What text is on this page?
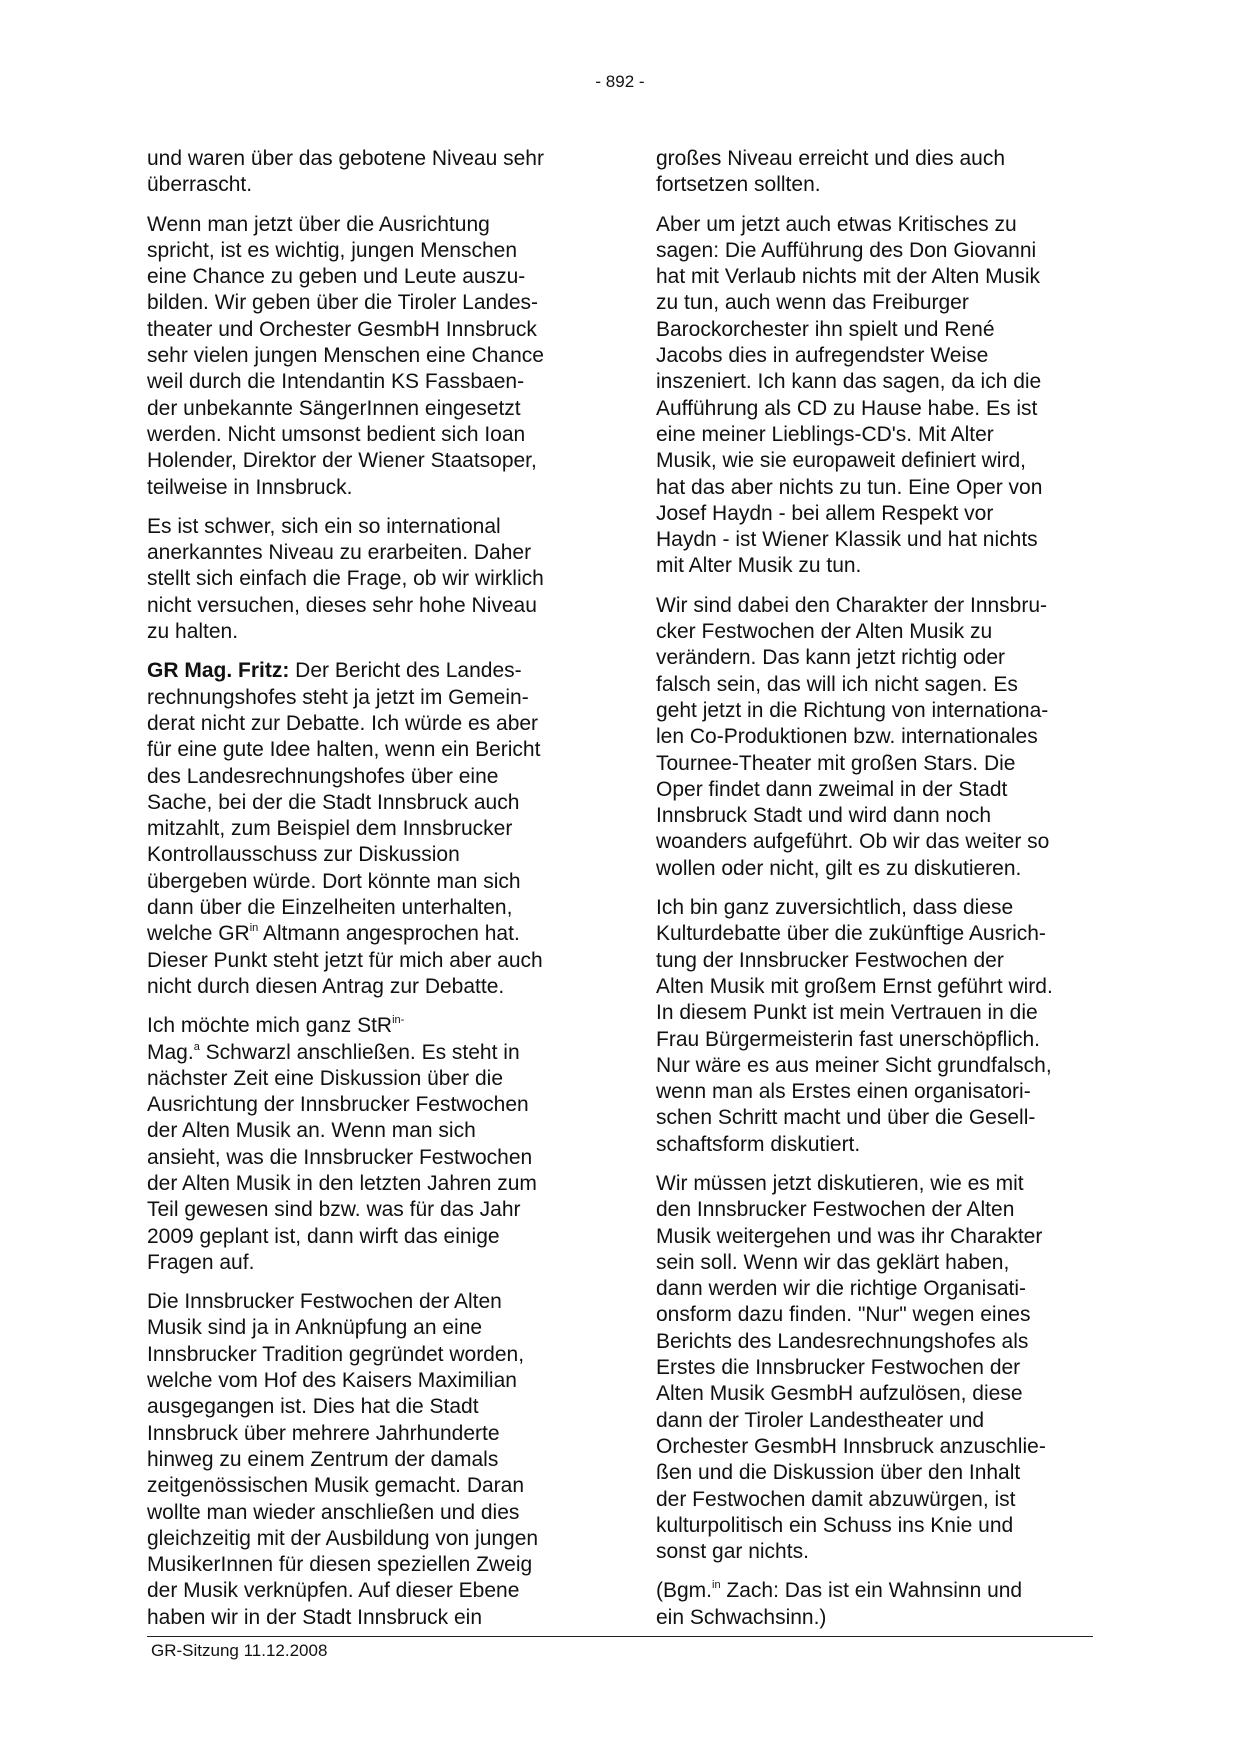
- 892 -

und waren über das gebotene Niveau sehr
überrascht.

Wenn man jetzt über die Ausrichtung
spricht, ist es wichtig, jungen Menschen
eine Chance zu geben und Leute auszu-
bilden. Wir geben über die Tiroler Landes-
theater und Orchester GesmbH Innsbruck
sehr vielen jungen Menschen eine Chance
weil durch die Intendantin KS Fassbaen-
der unbekannte SängerInnen eingesetzt
werden. Nicht umsonst bedient sich Ioan
Holender, Direktor der Wiener Staatsoper,
teilweise in Innsbruck.

Es ist schwer, sich ein so international
anerkanntes Niveau zu erarbeiten. Daher
stellt sich einfach die Frage, ob wir wirklich
nicht versuchen, dieses sehr hohe Niveau
zu halten.

GR Mag. Fritz: Der Bericht des Landes-
rechnungshofes steht ja jetzt im Gemein-
derat nicht zur Debatte. Ich würde es aber
für eine gute Idee halten, wenn ein Bericht
des Landesrechnungshofes über eine
Sache, bei der die Stadt Innsbruck auch
mitzahlt, zum Beispiel dem Innsbrucker
Kontrollausschuss zur Diskussion
übergeben würde. Dort könnte man sich
dann über die Einzelheiten unterhalten,
welche $GR^{in}$ Altmann angesprochen hat.
Dieser Punkt steht jetzt für mich aber auch
nicht durch diesen Antrag zur Debatte.

Ich möchte mich ganz StR$^{in-}$
Mag.$^a$ Schwarzl anschließen. Es steht in
nächster Zeit eine Diskussion über die
Ausrichtung der Innsbrucker Festwochen
der Alten Musik an. Wenn man sich
ansieht, was die Innsbrucker Festwochen
der Alten Musik in den letzten Jahren zum
Teil gewesen sind bzw. was für das Jahr
2009 geplant ist, dann wirft das einige
Fragen auf.

Die Innsbrucker Festwochen der Alten
Musik sind ja in Anknüpfung an eine
Innsbrucker Tradition gegründet worden,
welche vom Hof des Kaisers Maximilian
ausgegangen ist. Dies hat die Stadt
Innsbruck über mehrere Jahrhunderte
hinweg zu einem Zentrum der damals
zeitgenössischen Musik gemacht. Daran
wollte man wieder anschließen und dies
gleichzeitig mit der Ausbildung von jungen
MusikerInnen für diesen speziellen Zweig
der Musik verknüpfen. Auf dieser Ebene
haben wir in der Stadt Innsbruck ein

großes Niveau erreicht und dies auch
fortsetzen sollten.

Aber um jetzt auch etwas Kritisches zu
sagen: Die Aufführung des Don Giovanni
hat mit Verlaub nichts mit der Alten Musik
zu tun, auch wenn das Freiburger
Barockorchester ihn spielt und René
Jacobs dies in aufregendster Weise
inszeniert. Ich kann das sagen, da ich die
Aufführung als CD zu Hause habe. Es ist
eine meiner Lieblings-CD's. Mit Alter
Musik, wie sie europaweit definiert wird,
hat das aber nichts zu tun. Eine Oper von
Josef Haydn - bei allem Respekt vor
Haydn - ist Wiener Klassik und hat nichts
mit Alter Musik zu tun.

Wir sind dabei den Charakter der Innsbru-
cker Festwochen der Alten Musik zu
verändern. Das kann jetzt richtig oder
falsch sein, das will ich nicht sagen. Es
geht jetzt in die Richtung von internationa-
len Co-Produktionen bzw. internationales
Tournee-Theater mit großen Stars. Die
Oper findet dann zweimal in der Stadt
Innsbruck Stadt und wird dann noch
woanders aufgeführt. Ob wir das weiter so
wollen oder nicht, gilt es zu diskutieren.

Ich bin ganz zuversichtlich, dass diese
Kulturdebatte über die zukünftige Ausrich-
tung der Innsbrucker Festwochen der
Alten Musik mit großem Ernst geführt wird.
In diesem Punkt ist mein Vertrauen in die
Frau Bürgermeisterin fast unerschöpflich.
Nur wäre es aus meiner Sicht grundfalsch,
wenn man als Erstes einen organisatori-
schen Schritt macht und über die Gesell-
schaftsform diskutiert.

Wir müssen jetzt diskutieren, wie es mit
den Innsbrucker Festwochen der Alten
Musik weitergehen und was ihr Charakter
sein soll. Wenn wir das geklärt haben,
dann werden wir die richtige Organisati-
onsform dazu finden. "Nur" wegen eines
Berichts des Landesrechnungshofes als
Erstes die Innsbrucker Festwochen der
Alten Musik GesmbH aufzulösen, diese
dann der Tiroler Landestheater und
Orchester GesmbH Innsbruck anzuschlie-
ßen und die Diskussion über den Inhalt
der Festwochen damit abzuwürgen, ist
kulturpolitisch ein Schuss ins Knie und
sonst gar nichts.

(Bgm.$^{in}$ Zach: Das ist ein Wahnsinn und
ein Schwachsinn.)

GR-Sitzung 11.12.2008
